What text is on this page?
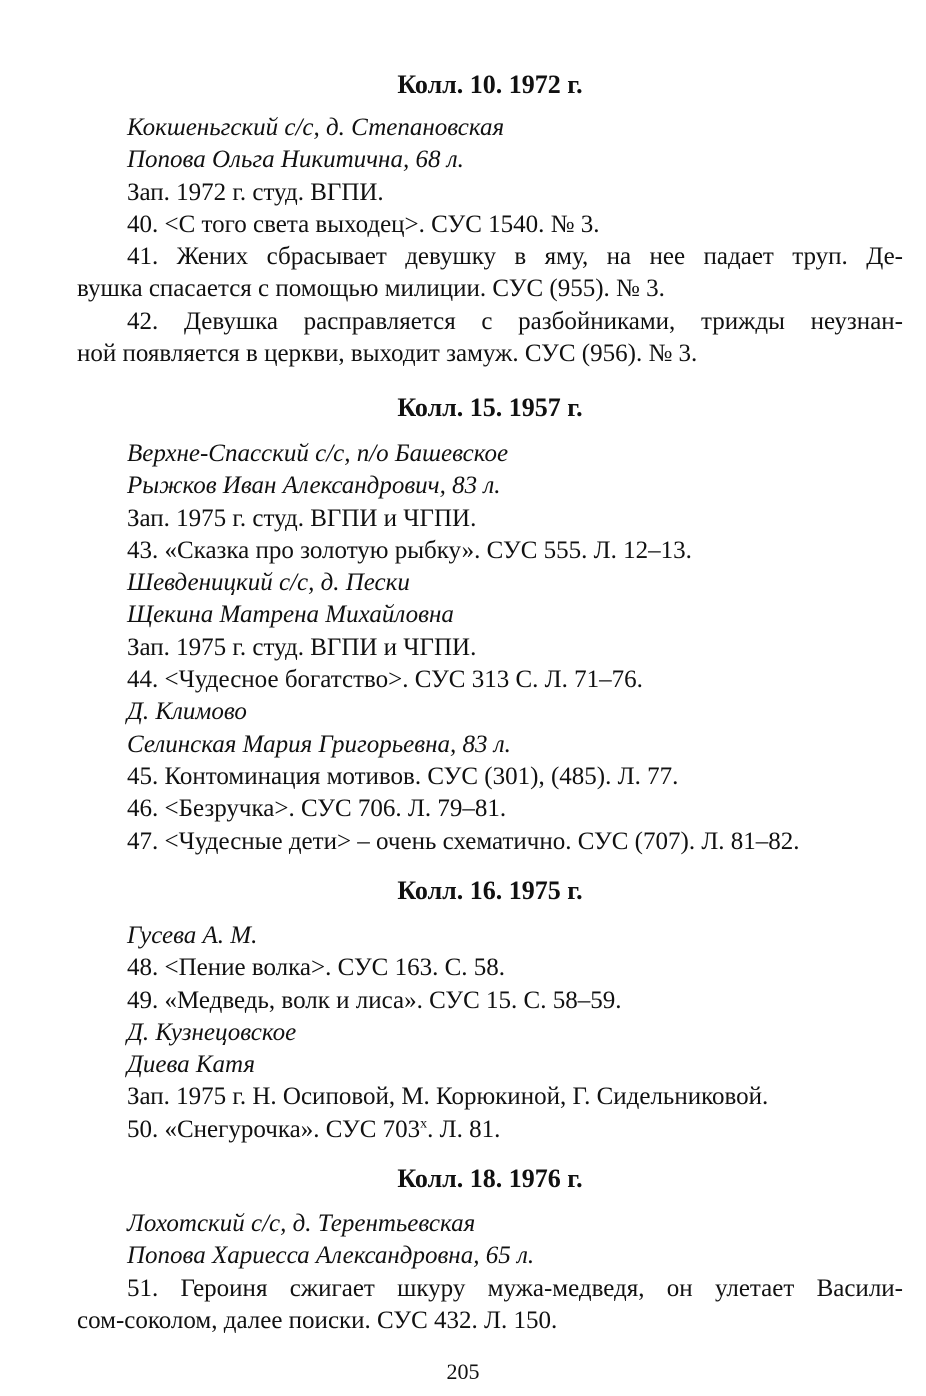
Колл. 10. 1972 г.
Кокшеньгский с/с, д. Степановская
Попова Ольга Никитична, 68 л.
Зап. 1972 г. студ. ВГПИ.
40. <С того света выходец>. СУС 1540. № 3.
41. Жених сбрасывает девушку в яму, на нее падает труп. Де-
вушка спасается с помощью милиции. СУС (955). № 3.
42. Девушка расправляется с разбойниками, трижды неузнан-
ной появляется в церкви, выходит замуж. СУС (956). № 3.
Колл. 15. 1957 г.
Верхне-Спасский с/с, п/о Башевское
Рыжков Иван Александрович, 83 л.
Зап. 1975 г. студ. ВГПИ и ЧГПИ.
43. «Сказка про золотую рыбку». СУС 555. Л. 12–13.
Шевденицкий с/с, д. Пески
Щекина Матрена Михайловна
Зап. 1975 г. студ. ВГПИ и ЧГПИ.
44. <Чудесное богатство>. СУС 313 С. Л. 71–76.
Д. Климово
Селинская Мария Григорьевна, 83 л.
45. Контоминация мотивов. СУС (301), (485). Л. 77.
46. <Безручка>. СУС 706. Л. 79–81.
47. <Чудесные дети> – очень схематично. СУС (707). Л. 81–82.
Колл. 16. 1975 г.
Гусева А. М.
48. <Пение волка>. СУС 163. С. 58.
49. «Медведь, волк и лиса». СУС 15. С. 58–59.
Д. Кузнецовское
Диева Катя
Зап. 1975 г. Н. Осиповой, М. Корюкиной, Г. Сидельниковой.
50. «Снегурочка». СУС 703$^x$. Л. 81.
Колл. 18. 1976 г.
Лохотский с/с, д. Терентьевская
Попова Хариесса Александровна, 65 л.
51. Героиня сжигает шкуру мужа-медведя, он улетает Васили-
сом-соколом, далее поиски. СУС 432. Л. 150.
205
